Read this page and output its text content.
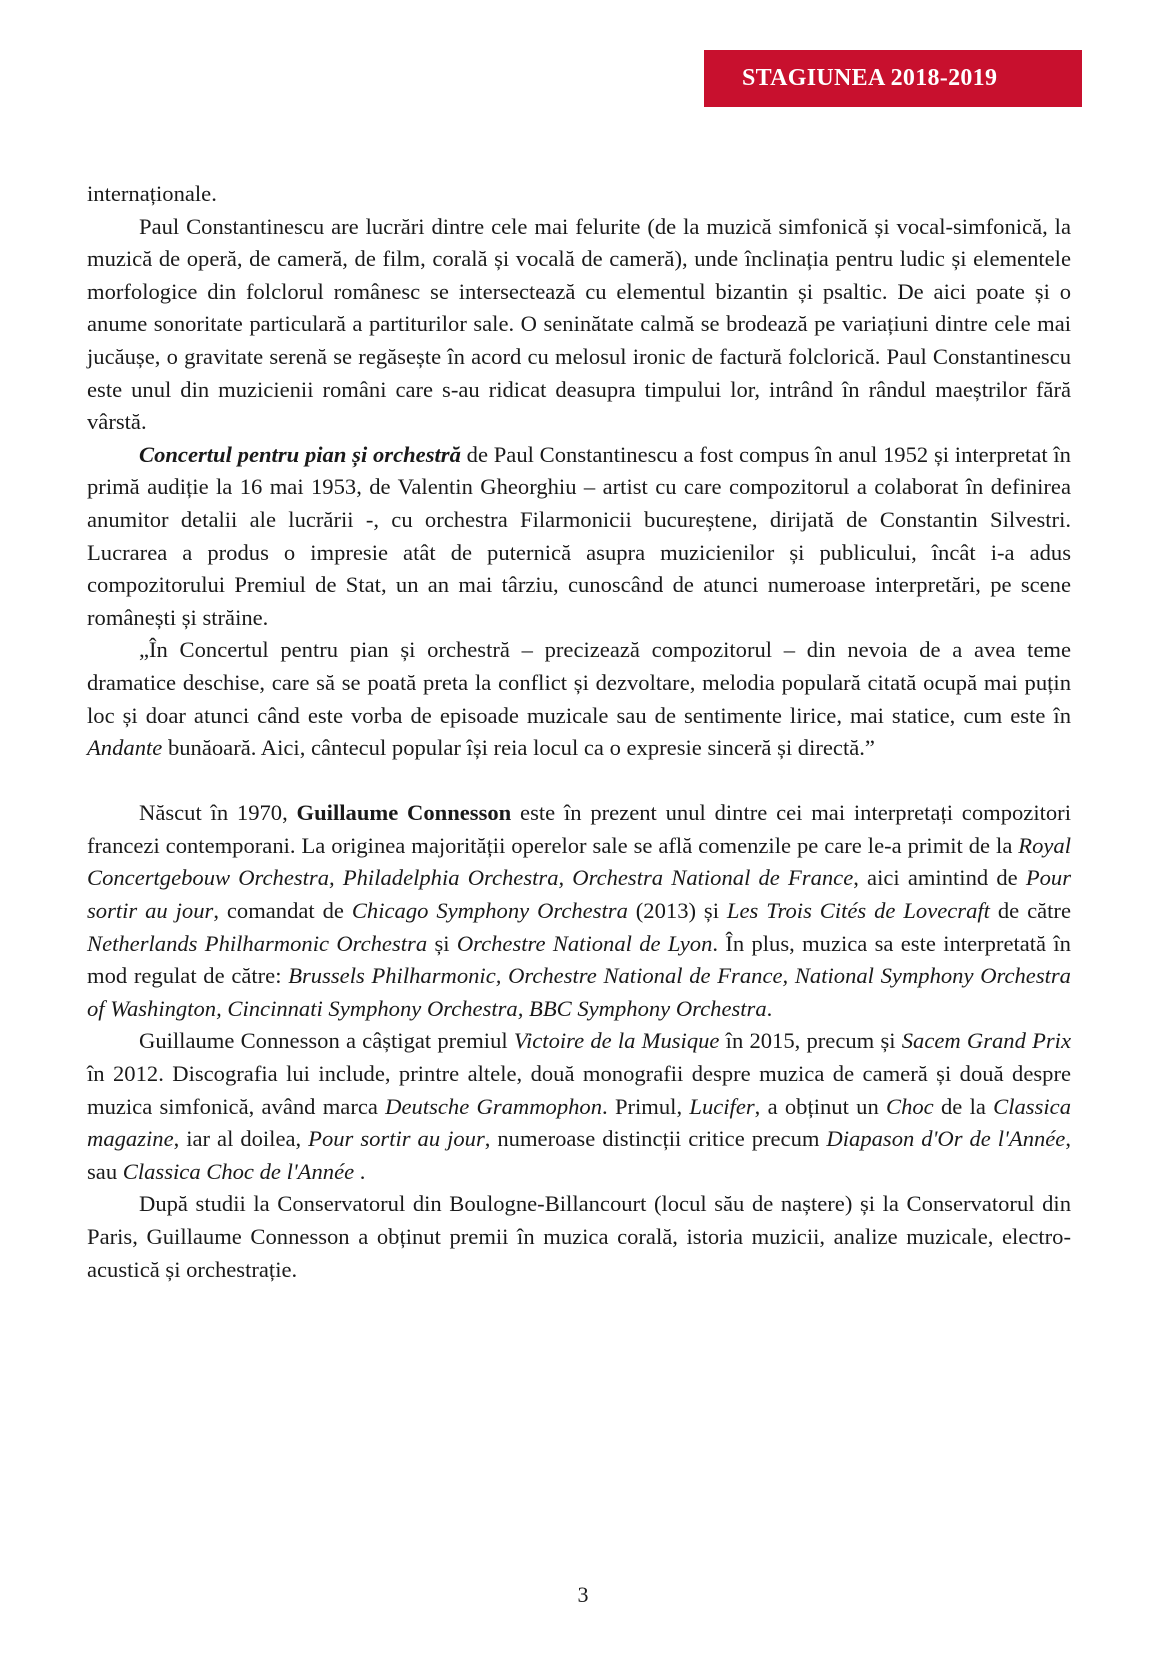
STAGIUNEA 2018-2019

internaționale.

Paul Constantinescu are lucrări dintre cele mai felurite (de la muzică simfonică și vocal-simfonică, la muzică de operă, de cameră, de film, corală și vocală de cameră), unde înclinația pentru ludic și elementele morfologice din folclorul românesc se intersectează cu elementul bizantin și psaltic. De aici poate și o anume sonoritate particulară a partiturilor sale. O seninătate calmă se brodează pe variațiuni dintre cele mai jucăușe, o gravitate serenă se regăsește în acord cu melosul ironic de factură folclorică. Paul Constantinescu este unul din muzicienii români care s-au ridicat deasupra timpului lor, intrând în rândul maeștrilor fără vârstă.

Concertul pentru pian și orchestră de Paul Constantinescu a fost compus în anul 1952 și interpretat în primă audiție la 16 mai 1953, de Valentin Gheorghiu – artist cu care compozitorul a colaborat în definirea anumitor detalii ale lucrării -, cu orchestra Filarmonicii bucureștene, dirijată de Constantin Silvestri. Lucrarea a produs o impresie atât de puternică asupra muzicienilor și publicului, încât i-a adus compozitorului Premiul de Stat, un an mai târziu, cunoscând de atunci numeroase interpretări, pe scene românești și străine.

„În Concertul pentru pian și orchestră – precizează compozitorul – din nevoia de a avea teme dramatice deschise, care să se poată preta la conflict și dezvoltare, melodia populară citată ocupă mai puțin loc și doar atunci când este vorba de episoade muzicale sau de sentimente lirice, mai statice, cum este în Andante bunăoară. Aici, cântecul popular își reia locul ca o expresie sinceră și directă.”

Născut în 1970, Guillaume Connesson este în prezent unul dintre cei mai interpretați compozitori francezi contemporani. La originea majorității operelor sale se află comenzile pe care le-a primit de la Royal Concertgebouw Orchestra, Philadelphia Orchestra, Orchestra National de France, aici amintind de Pour sortir au jour, comandat de Chicago Symphony Orchestra (2013) și Les Trois Cités de Lovecraft de către Netherlands Philharmonic Orchestra și Orchestre National de Lyon. În plus, muzica sa este interpretată în mod regulat de către: Brussels Philharmonic, Orchestre National de France, National Symphony Orchestra of Washington, Cincinnati Symphony Orchestra, BBC Symphony Orchestra.

Guillaume Connesson a câștigat premiul Victoire de la Musique în 2015, precum și Sacem Grand Prix în 2012. Discografia lui include, printre altele, două monografii despre muzica de cameră și două despre muzica simfonică, având marca Deutsche Grammophon. Primul, Lucifer, a obținut un Choc de la Classica magazine, iar al doilea, Pour sortir au jour, numeroase distincții critice precum Diapason d'Or de l'Année, sau Classica Choc de l'Année .

După studii la Conservatorul din Boulogne-Billancourt (locul său de naștere) și la Conservatorul din Paris, Guillaume Connesson a obținut premii în muzica corală, istoria muzicii, analize muzicale, electro-acustică și orchestrație.

3
